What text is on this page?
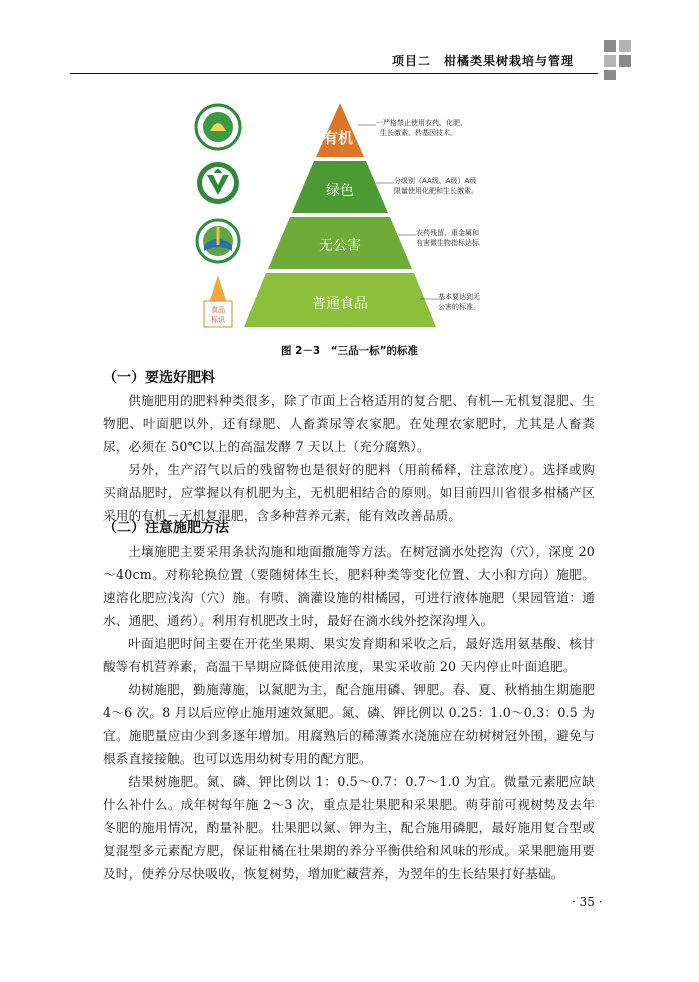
项目二　柑橘类果树栽培与管理
食品
标识
有机
绿色
无公害
普通食品
一严格禁止使用农药、化肥、
生长激素、转基因技术。
分级别（AA级、A级）A级
限量使用化肥和生长激素。
农药残留、重金属和
有害微生物指标达标。
基本要达到无
公害的标准。
图 2－3　“三品一标”的标准
（一）要选好肥料

供施肥用的肥料种类很多，除了市面上合格适用的复合肥、有机—无机复混肥、生物肥、叶面肥以外，还有绿肥、人畜粪尿等农家肥。在处理农家肥时，尤其是人畜粪尿，必须在 50℃以上的高温发酵 7 天以上（充分腐熟）。

另外，生产沼气以后的残留物也是很好的肥料（用前稀释，注意浓度）。选择或购买商品肥时，应掌握以有机肥为主，无机肥相结合的原则。如目前四川省很多柑橘产区采用的有机－无机复混肥，含多种营养元素，能有效改善品质。

（二）注意施肥方法

土壤施肥主要采用条状沟施和地面撒施等方法。在树冠滴水处挖沟（穴），深度 20～40cm。对称轮换位置（要随树体生长，肥料种类等变化位置、大小和方向）施肥。速溶化肥应浅沟（穴）施。有喷、滴灌设施的柑橘园，可进行液体施肥（果园管道：通水、通肥、通药）。利用有机肥改土时，最好在滴水线外挖深沟埋入。

叶面追肥时间主要在开花坐果期、果实发育期和采收之后，最好选用氨基酸、核甘酸等有机营养素，高温干旱期应降低使用浓度，果实采收前 20 天内停止叶面追肥。

幼树施肥，勤施薄施，以氮肥为主，配合施用磷、钾肥。春、夏、秋梢抽生期施肥 4～6 次。8 月以后应停止施用速效氮肥。氮、磷、钾比例以 0.25：1.0～0.3：0.5 为宜。施肥量应由少到多逐年增加。用腐熟后的稀薄粪水浇施应在幼树树冠外围，避免与根系直接接触。也可以选用幼树专用的配方肥。

结果树施肥。氮、磷、钾比例以 1：0.5～0.7：0.7～1.0 为宜。微量元素肥应缺什么补什么。成年树每年施 2～3 次，重点是壮果肥和采果肥。萌芽前可视树势及去年冬肥的施用情况，酌量补肥。壮果肥以氮、钾为主，配合施用磷肥，最好施用复合型或复混型多元素配方肥，保证柑橘在壮果期的养分平衡供给和风味的形成。采果肥施用要及时，使养分尽快吸收，恢复树势，增加贮藏营养，为翌年的生长结果打好基础。

· 35 ·
